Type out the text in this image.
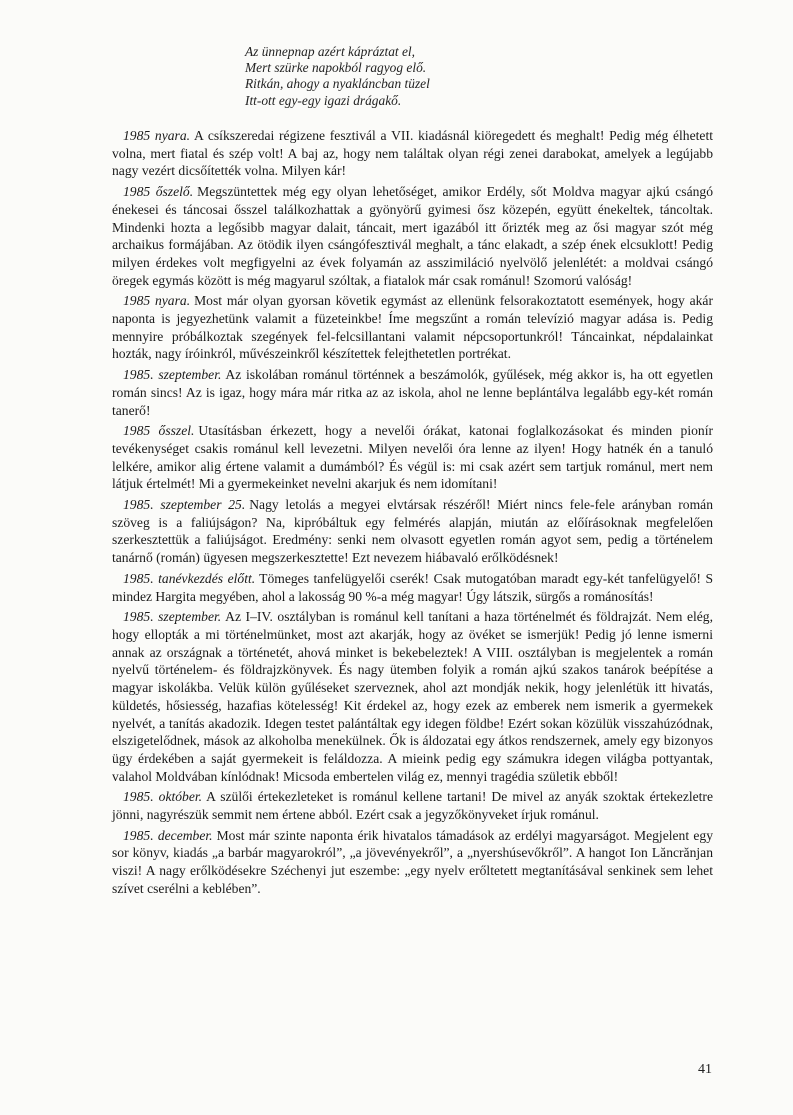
Az ünnepnap azért kápráztat el,
Mert szürke napokból ragyog elő.
Ritkán, ahogy a nyakláncban tüzel
Itt-ott egy-egy igazi drágakő.

1985 nyara. A csíkszeredai régizene fesztivál a VII. kiadásnál kiöregedett és meghalt! Pedig még élhetett volna, mert fiatal és szép volt! A baj az, hogy nem találtak olyan régi zenei darabokat, amelyek a legújabb nagy vezért dicsőítették volna. Milyen kár!

1985 őszelő. Megszüntettek még egy olyan lehetőséget, amikor Erdély, sőt Moldva magyar ajkú csángó énekesei és táncosai ősszel találkozhattak a gyönyörű gyimesi ősz közepén, együtt énekeltek, táncoltak. Mindenki hozta a legősibb magyar dalait, táncait, mert igazából itt őrizték meg az ősi magyar szót még archaikus formájában. Az ötödik ilyen csángófesztivál meghalt, a tánc elakadt, a szép ének elcsuklott! Pedig milyen érdekes volt megfigyelni az évek folyamán az asszimiláció nyelvölő jelenlétét: a moldvai csángó öregek egymás között is még magyarul szóltak, a fiatalok már csak románul! Szomorú valóság!

1985 nyara. Most már olyan gyorsan követik egymást az ellenünk felsorakoztatott események, hogy akár naponta is jegyezhetünk valamit a füzeteinkbe! Íme megszűnt a román televízió magyar adása is. Pedig mennyire próbálkoztak szegények fel-felcsillantani valamit népcsoportunkról! Táncainkat, népdalainkat hozták, nagy íróinkról, művészeinkről készítettek felejthetetlen portrékat.

1985. szeptember. Az iskolában románul történnek a beszámolók, gyűlések, még akkor is, ha ott egyetlen román sincs! Az is igaz, hogy mára már ritka az az iskola, ahol ne lenne beplántálva legalább egy-két román tanerő!

1985 ősszel. Utasításban érkezett, hogy a nevelői órákat, katonai foglalkozásokat és minden pionír tevékenységet csakis románul kell levezetni. Milyen nevelői óra lenne az ilyen! Hogy hatnék én a tanuló lelkére, amikor alig értene valamit a dumámból? És végül is: mi csak azért sem tartjuk románul, mert nem látjuk értelmét! Mi a gyermekeinket nevelni akarjuk és nem idomítani!

1985. szeptember 25. Nagy letolás a megyei elvtársak részéről! Miért nincs fele-fele arányban román szöveg is a faliújságon? Na, kipróbáltuk egy felmérés alapján, miután az előírásoknak megfelelően szerkesztettük a faliújságot. Eredmény: senki nem olvasott egyetlen román agyot sem, pedig a történelem tanárnő (román) ügyesen megszerkesztette! Ezt nevezem hiábavaló erőlködésnek!

1985. tanévkezdés előtt. Tömeges tanfelügyelői cserék! Csak mutogatóban maradt egy-két tanfelügyelő! S mindez Hargita megyében, ahol a lakosság 90 %-a még magyar! Úgy látszik, sürgős a románosítás!

1985. szeptember. Az I–IV. osztályban is románul kell tanítani a haza történelmét és földrajzát. Nem elég, hogy ellopták a mi történelmünket, most azt akarják, hogy az övéket se ismerjük! Pedig jó lenne ismerni annak az országnak a történetét, ahová minket is bekebeleztek! A VIII. osztályban is megjelentek a román nyelvű történelem- és földrajzkönyvek. És nagy ütemben folyik a román ajkú szakos tanárok beépítése a magyar iskolákba. Velük külön gyűléseket szerveznek, ahol azt mondják nekik, hogy jelenlétük itt hivatás, küldetés, hősiesség, hazafias kötelesség! Kit érdekel az, hogy ezek az emberek nem ismerik a gyermekek nyelvét, a tanítás akadozik. Idegen testet palántáltak egy idegen földbe! Ezért sokan közülük visszahúzódnak, elszigetelődnek, mások az alkoholba menekülnek. Ők is áldozatai egy átkos rendszernek, amely egy bizonyos ügy érdekében a saját gyermekeit is feláldozza. A mieink pedig egy számukra idegen világba pottyantak, valahol Moldvában kínlódnak! Micsoda embertelen világ ez, mennyi tragédia születik ebből!

1985. október. A szülői értekezleteket is románul kellene tartani! De mivel az anyák szoktak értekezletre jönni, nagyrészük semmit nem értene abból. Ezért csak a jegyzőkönyveket írjuk románul.

1985. december. Most már szinte naponta érik hivatalos támadások az erdélyi magyarságot. Megjelent egy sor könyv, kiadás „a barbár magyarokról”, „a jövevényekről”, a „nyershúsevőkről”. A hangot Ion Lăncrănjan viszi! A nagy erőlködésekre Széchenyi jut eszembe: „egy nyelv erőltetett megtanításával senkinek sem lehet szívet cserélni a keblében”.

41
